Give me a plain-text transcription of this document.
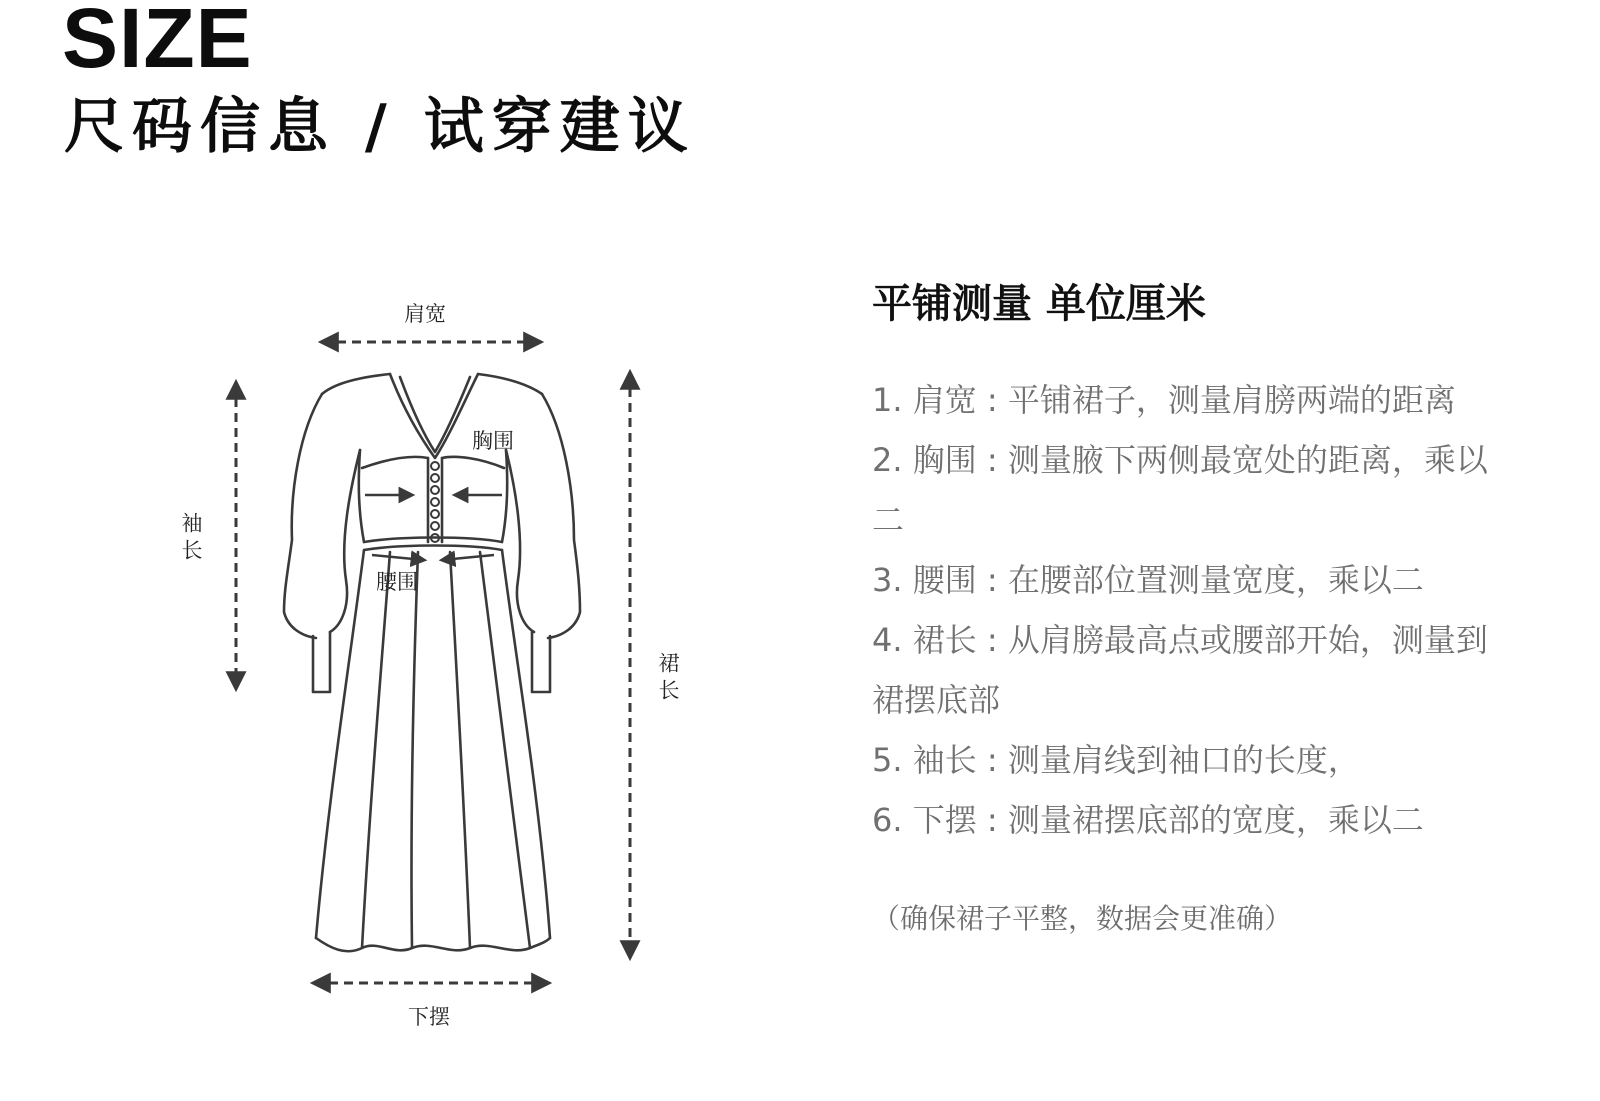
SIZE
尺码信息 / 试穿建议
肩宽
胸围
腰围
袖长
裙长
下摆
平铺测量 单位厘米
1. 肩宽 : 平铺裙子，测量肩膀两端的距离
2. 胸围 : 测量腋下两侧最宽处的距离，乘以二
3. 腰围 : 在腰部位置测量宽度，乘以二
4. 裙长 : 从肩膀最高点或腰部开始，测量到裙摆底部
5. 袖长 : 测量肩线到袖口的长度，
6. 下摆 : 测量裙摆底部的宽度，乘以二
（确保裙子平整，数据会更准确）
